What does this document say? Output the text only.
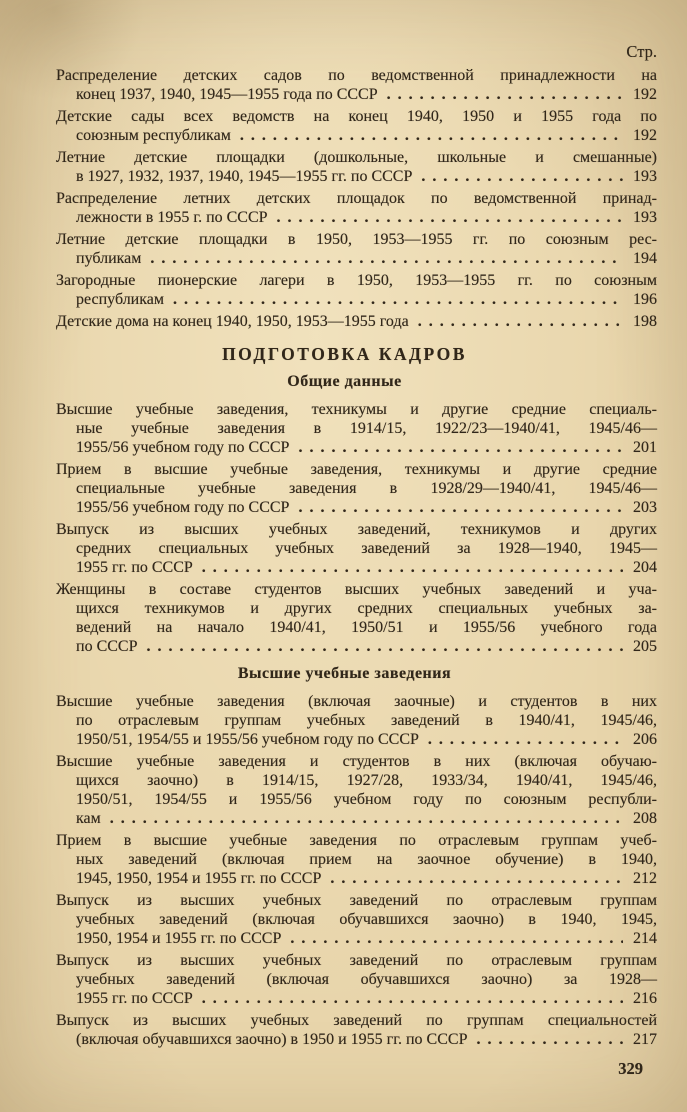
Стр.
Распределение детских садов по ведомственной принадлежности на
конец 1937, 1940, 1945—1955 года по СССР .....	192
Детские сады всех ведомств на конец 1940, 1950 и 1955 года по
союзным республикам .....	192
Летние детские площадки (дошкольные, школьные и смешанные)
в 1927, 1932, 1937, 1940, 1945—1955 гг. по СССР .....	193
Распределение летних детских площадок по ведомственной принад-
лежности в 1955 г. по СССР .....	193
Летние детские площадки в 1950, 1953—1955 гг. по союзным рес-
публикам .....	194
Загородные пионерские лагери в 1950, 1953—1955 гг. по союзным
республикам .....	196
Детские дома на конец 1940, 1950, 1953—1955 года .....	198
ПОДГОТОВКА КАДРОВ
Общие данные
Высшие учебные заведения, техникумы и другие средние специаль-
ные учебные заведения в 1914/15, 1922/23—1940/41, 1945/46—
1955/56 учебном году по СССР .....	201
Прием в высшие учебные заведения, техникумы и другие средние
специальные учебные заведения в 1928/29—1940/41, 1945/46—
1955/56 учебном году по СССР .....	203
Выпуск из высших учебных заведений, техникумов и других
средних специальных учебных заведений за 1928—1940, 1945—
1955 гг. по СССР .....	204
Женщины в составе студентов высших учебных заведений и уча-
щихся техникумов и других средних специальных учебных за-
ведений на начало 1940/41, 1950/51 и 1955/56 учебного года
по СССР .....	205
Высшие учебные заведения
Высшие учебные заведения (включая заочные) и студентов в них
по отраслевым группам учебных заведений в 1940/41, 1945/46,
1950/51, 1954/55 и 1955/56 учебном году по СССР .....	206
Высшие учебные заведения и студентов в них (включая обучаю-
щихся заочно) в 1914/15, 1927/28, 1933/34, 1940/41, 1945/46,
1950/51, 1954/55 и 1955/56 учебном году по союзным республи-
кам .....	208
Прием в высшие учебные заведения по отраслевым группам учеб-
ных заведений (включая прием на заочное обучение) в 1940,
1945, 1950, 1954 и 1955 гг. по СССР .....	212
Выпуск из высших учебных заведений по отраслевым группам
учебных заведений (включая обучавшихся заочно) в 1940, 1945,
1950, 1954 и 1955 гг. по СССР .....	214
Выпуск из высших учебных заведений по отраслевым группам
учебных заведений (включая обучавшихся заочно) за 1928—
1955 гг. по СССР .....	216
Выпуск из высших учебных заведений по группам специальностей
(включая обучавшихся заочно) в 1950 и 1955 гг. по СССР .....	217
329
